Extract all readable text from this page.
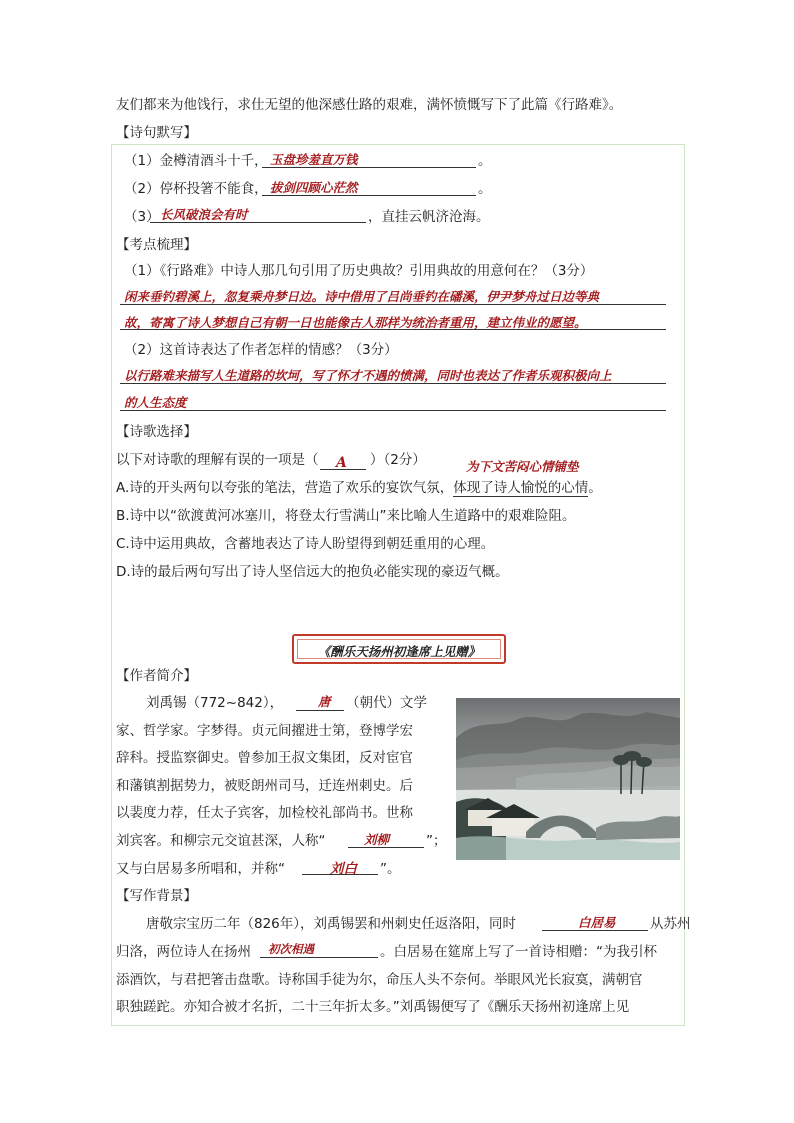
友们都来为他饯行，求仕无望的他深感仕路的艰难，满怀愤慨写下了此篇《行路难》。
【诗句默写】
（1）金樽清酒斗十千， 玉盘珍羞直万钱	。
（2）停杯投箸不能食， 拔剑四顾心茫然	。
（3） 长风破浪会有时	，直挂云帆济沧海。
【考点梳理】
（1）《行路难》中诗人那几句引用了历史典故？引用典故的用意何在？（3分）
闲来垂钓碧溪上，忽复乘舟梦日边。诗中借用了吕尚垂钓在磻溪，伊尹梦舟过日边等典
故，寄寓了诗人梦想自己有朝一日也能像古人那样为统治者重用，建立伟业的愿望。
（2）这首诗表达了作者怎样的情感？（3分）
以行路难来描写人生道路的坎坷，写了怀才不遇的愤满，同时也表达了作者乐观积极向上
的人生态度
【诗歌选择】
以下对诗歌的理解有误的一项是（ A ）（2分）	为下文苦闷心情铺垫
A.诗的开头两句以夸张的笔法，营造了欢乐的宴饮气氛，体现了诗人愉悦的心情。
B.诗中以“欲渡黄河冰塞川，将登太行雪满山”来比喻人生道路中的艰难险阻。
C.诗中运用典故，含蓄地表达了诗人盼望得到朝廷重用的心理。
D.诗的最后两句写出了诗人坚信远大的抱负必能实现的豪迈气概。
《酬乐天扬州初逢席上见赠》
【作者简介】
刘禹锡（772~842），	唐 （朝代）文学
家、哲学家。字梦得。贞元间擢进士第，登博学宏
辞科。授监察御史。曾参加王叔文集团，反对宦官
和藩镇割据势力，被贬朗州司马，迁连州刺史。后
以裴度力荐，任太子宾客，加检校礼部尚书。世称
刘宾客。和柳宗元交谊甚深，人称“	刘柳	”；
又与白居易多所唱和，并称“	刘白 ”。
【写作背景】
唐敬宗宝历二年（826年），刘禹锡罢和州刺史任返洛阳，同时	白居易	从苏州
归洛，两位诗人在扬州 初次相遇	。白居易在筵席上写了一首诗相赠：“为我引杯
添酒饮，与君把箸击盘歌。诗称国手徒为尔，命压人头不奈何。举眼风光长寂寞，满朝官
职独蹉跎。亦知合被才名折，二十三年折太多。”刘禹锡便写了《酬乐天扬州初逢席上见
